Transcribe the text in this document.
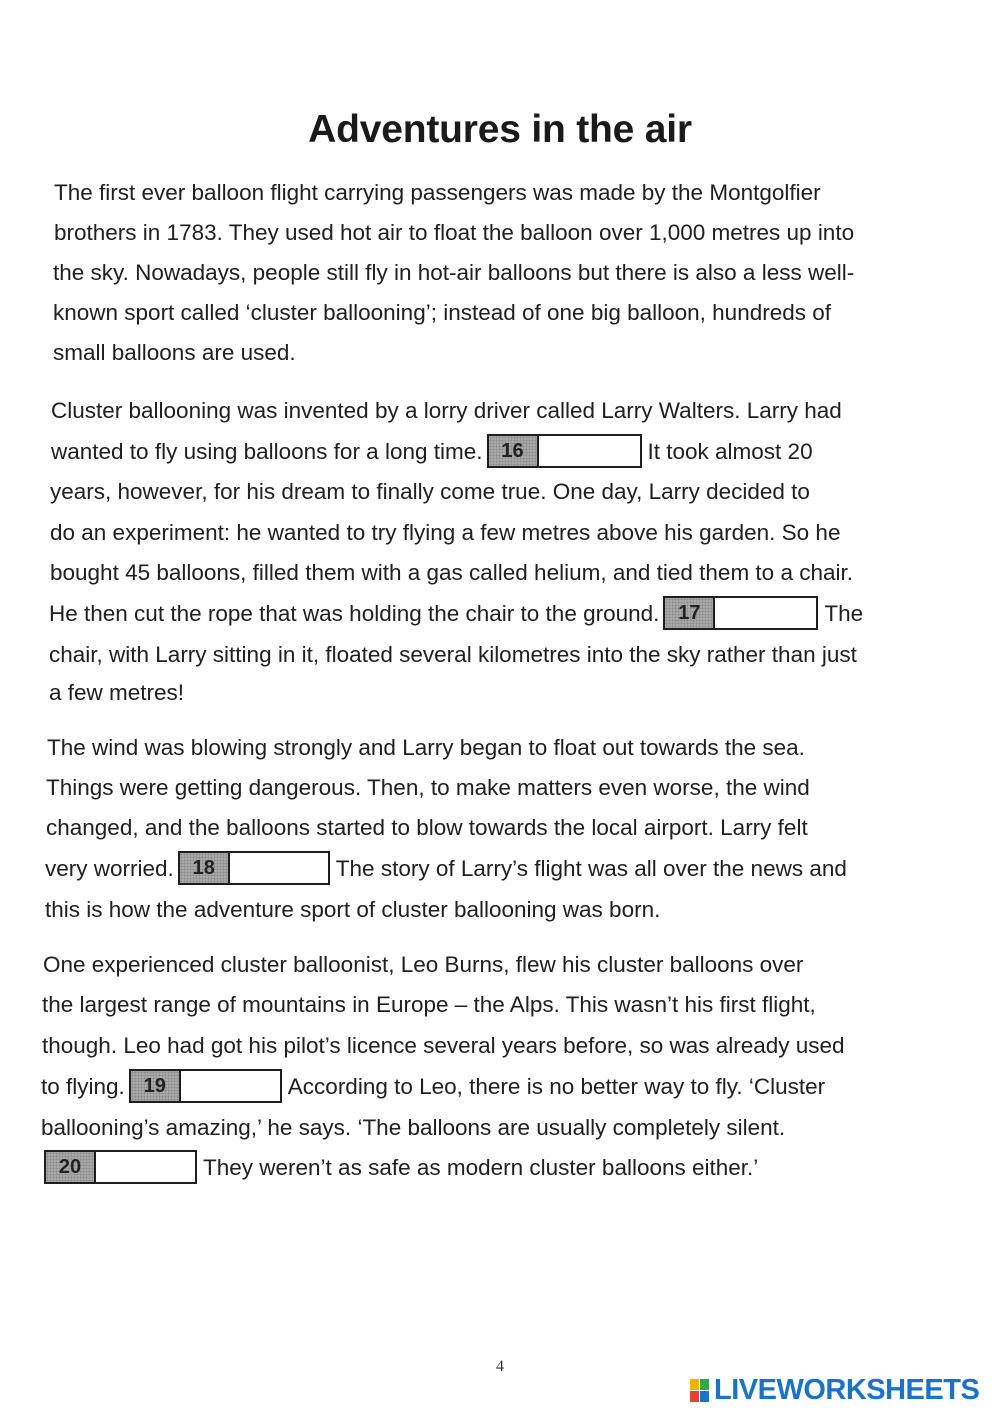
Adventures in the air
The first ever balloon flight carrying passengers was made by the Montgolfier
brothers in 1783. They used hot air to float the balloon over 1,000 metres up into
the sky. Nowadays, people still fly in hot-air balloons but there is also a less well-
known sport called ‘cluster ballooning’; instead of one big balloon, hundreds of
small balloons are used.
Cluster ballooning was invented by a lorry driver called Larry Walters. Larry had
wanted to fly using balloons for a long time. 16	It took almost 20
years, however, for his dream to finally come true. One day, Larry decided to
do an experiment: he wanted to try flying a few metres above his garden. So he
bought 45 balloons, filled them with a gas called helium, and tied them to a chair.
He then cut the rope that was holding the chair to the ground. 17	The
chair, with Larry sitting in it, floated several kilometres into the sky rather than just
a few metres!
The wind was blowing strongly and Larry began to float out towards the sea.
Things were getting dangerous. Then, to make matters even worse, the wind
changed, and the balloons started to blow towards the local airport. Larry felt
very worried. 18	The story of Larry’s flight was all over the news and
this is how the adventure sport of cluster ballooning was born.
One experienced cluster balloonist, Leo Burns, flew his cluster balloons over
the largest range of mountains in Europe – the Alps. This wasn’t his first flight,
though. Leo had got his pilot’s licence several years before, so was already used
to flying. 19	According to Leo, there is no better way to fly. ‘Cluster
ballooning’s amazing,’ he says. ‘The balloons are usually completely silent.
20	They weren’t as safe as modern cluster balloons either.’
4
LIVEWORKSHEETS
